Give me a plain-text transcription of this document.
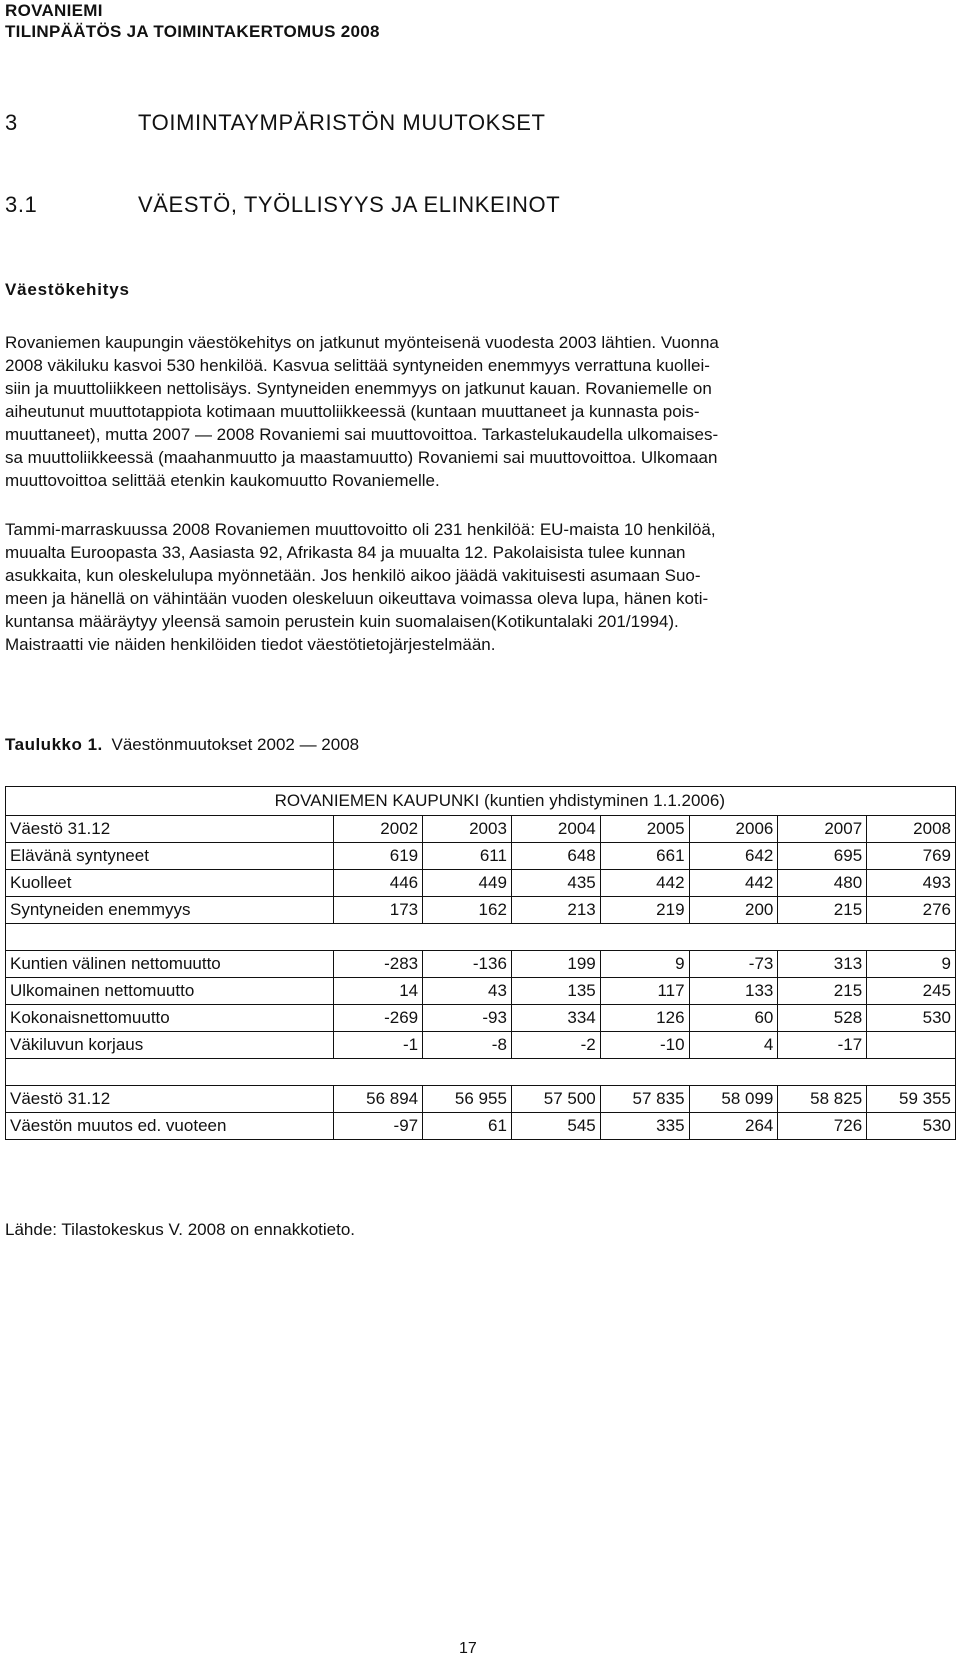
ROVANIEMI
TILINPÄÄTÖS JA TOIMINTAKERTOMUS 2008
3	TOIMINTAYMPÄRISTÖN MUUTOKSET
3.1	VÄESTÖ, TYÖLLISYYS JA ELINKEINOT
Väestökehitys
Rovaniemen kaupungin väestökehitys on jatkunut myönteisenä vuodesta 2003 lähtien. Vuonna
2008 väkiluku kasvoi 530 henkilöä. Kasvua selittää syntyneiden enemmyys verrattuna kuollei-
siin ja muuttoliikkeen nettolisäys. Syntyneiden enemmyys on jatkunut kauan. Rovaniemelle on
aiheutunut muuttotappiota kotimaan muuttoliikkeessä (kuntaan muuttaneet ja kunnasta pois-
muuttaneet), mutta 2007 — 2008 Rovaniemi sai muuttovoittoa. Tarkastelukaudella ulkomaises-
sa muuttoliikkeessä (maahanmuutto ja maastamuutto) Rovaniemi sai muuttovoittoa. Ulkomaan
muuttovoittoa selittää etenkin kaukomuutto Rovaniemelle.
Tammi-marraskuussa 2008 Rovaniemen muuttovoitto oli 231 henkilöä: EU-maista 10 henkilöä,
muualta Euroopasta 33, Aasiasta 92, Afrikasta 84 ja muualta 12. Pakolaisista tulee kunnan
asukkaita, kun oleskelulupa myönnetään. Jos henkilö aikoo jäädä vakituisesti asumaan Suo-
meen ja hänellä on vähintään vuoden oleskeluun oikeuttava voimassa oleva lupa, hänen koti-
kuntansa määräytyy yleensä samoin perustein kuin suomalaisen(Kotikuntalaki 201/1994).
Maistraatti vie näiden henkilöiden tiedot väestötietojärjestelmään.
Taulukko 1. Väestönmuutokset 2002 — 2008
ROVANIEMEN KAUPUNKI (kuntien yhdistyminen 1.1.2006)							
Väestö 31.12	2002	2003	2004	2005	2006	2007	2008
Elävänä syntyneet	619	611	648	661	642	695	769
Kuolleet	446	449	435	442	442	480	493
Syntyneiden enemmyys	173	162	213	219	200	215	276

Kuntien välinen nettomuutto	-283	-136	199	9	-73	313	9
Ulkomainen nettomuutto	14	43	135	117	133	215	245
Kokonaisnettomuutto	-269	-93	334	126	60	528	530
Väkiluvun korjaus	-1	-8	-2	-10	4	-17	

Väestö 31.12	56 894	56 955	57 500	57 835	58 099	58 825	59 355
Väestön muutos ed. vuoteen	-97	61	545	335	264	726	530
Lähde: Tilastokeskus V. 2008 on ennakkotieto.
17
